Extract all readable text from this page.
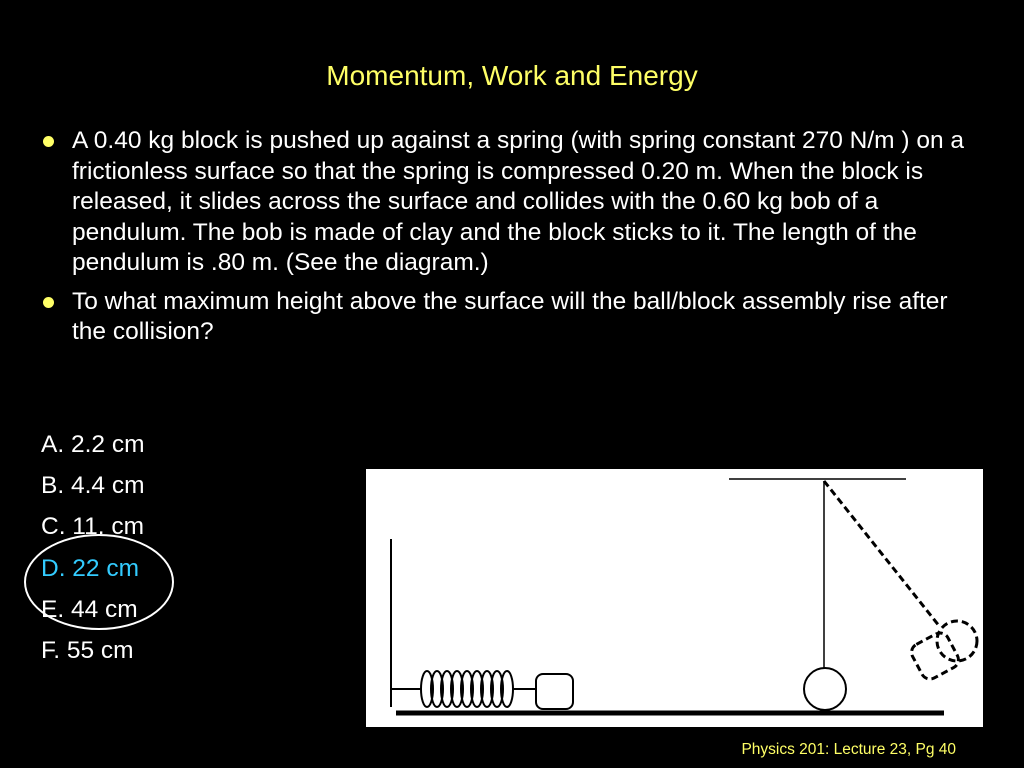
Momentum, Work and Energy
A 0.40 kg block is pushed up against a spring (with spring constant 270 N/m ) on a frictionless surface so that the spring is compressed 0.20 m. When the block is released, it slides across the surface and collides with the 0.60 kg bob of a pendulum. The bob is made of clay and the block sticks to it. The length of the pendulum is .80 m. (See the diagram.)
To what maximum height above the surface will the ball/block assembly rise after the collision?
A. 2.2 cm
B. 4.4 cm
C. 11. cm
D. 22 cm
E. 44 cm
F. 55 cm
Physics 201: Lecture 23, Pg 40
